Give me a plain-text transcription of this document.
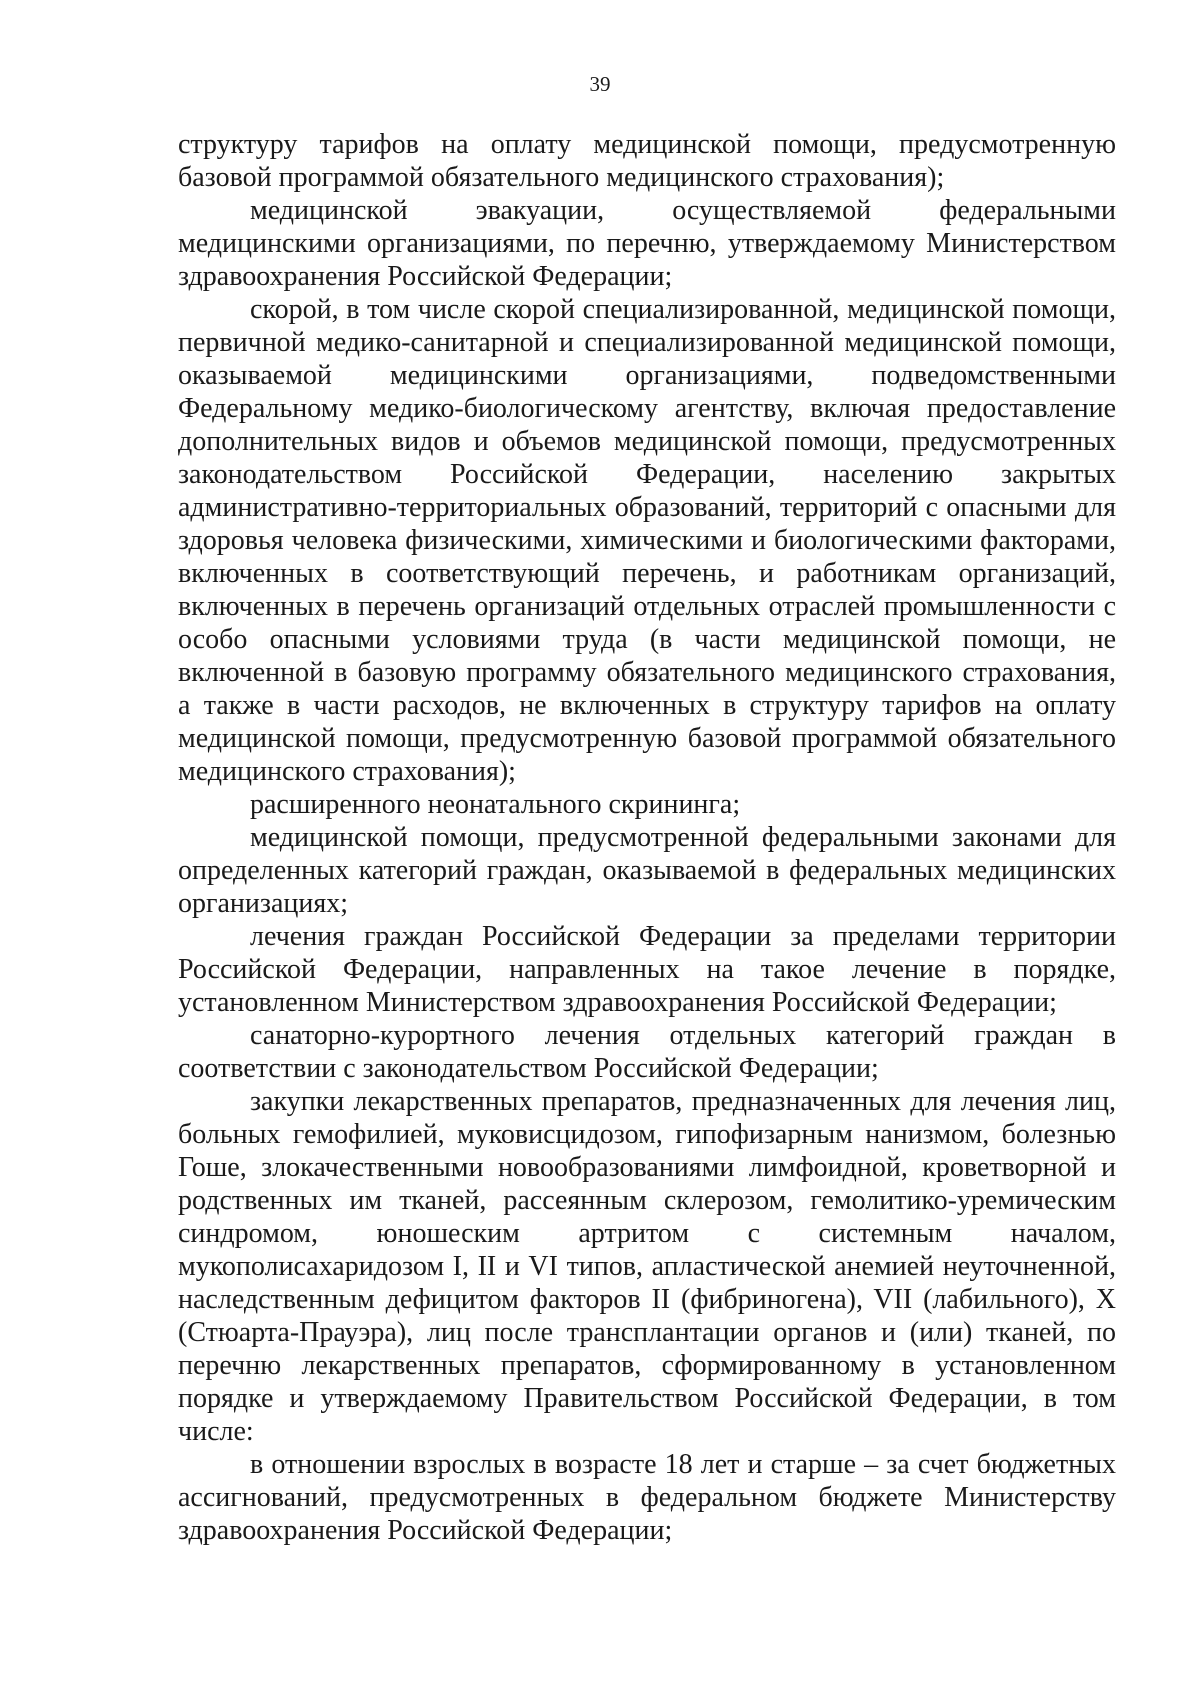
39

структуру тарифов на оплату медицинской помощи, предусмотренную базовой программой обязательного медицинского страхования);

медицинской эвакуации, осуществляемой федеральными медицинскими организациями, по перечню, утверждаемому Министерством здравоохранения Российской Федерации;

скорой, в том числе скорой специализированной, медицинской помощи, первичной медико-санитарной и специализированной медицинской помощи, оказываемой медицинскими организациями, подведомственными Федеральному медико-биологическому агентству, включая предоставление дополнительных видов и объемов медицинской помощи, предусмотренных законодательством Российской Федерации, населению закрытых административно-территориальных образований, территорий с опасными для здоровья человека физическими, химическими и биологическими факторами, включенных в соответствующий перечень, и работникам организаций, включенных в перечень организаций отдельных отраслей промышленности с особо опасными условиями труда (в части медицинской помощи, не включенной в базовую программу обязательного медицинского страхования, а также в части расходов, не включенных в структуру тарифов на оплату медицинской помощи, предусмотренную базовой программой обязательного медицинского страхования);

расширенного неонатального скрининга;

медицинской помощи, предусмотренной федеральными законами для определенных категорий граждан, оказываемой в федеральных медицинских организациях;

лечения граждан Российской Федерации за пределами территории Российской Федерации, направленных на такое лечение в порядке, установленном Министерством здравоохранения Российской Федерации;

санаторно-курортного лечения отдельных категорий граждан в соответствии с законодательством Российской Федерации;

закупки лекарственных препаратов, предназначенных для лечения лиц, больных гемофилией, муковисцидозом, гипофизарным нанизмом, болезнью Гоше, злокачественными новообразованиями лимфоидной, кроветворной и родственных им тканей, рассеянным склерозом, гемолитико-уремическим синдромом, юношеским артритом с системным началом, мукополисахаридозом I, II и VI типов, апластической анемией неуточненной, наследственным дефицитом факторов II (фибриногена), VII (лабильного), X (Стюарта-Прауэра), лиц после трансплантации органов и (или) тканей, по перечню лекарственных препаратов, сформированному в установленном порядке и утверждаемому Правительством Российской Федерации, в том числе:

в отношении взрослых в возрасте 18 лет и старше – за счет бюджетных ассигнований, предусмотренных в федеральном бюджете Министерству здравоохранения Российской Федерации;
